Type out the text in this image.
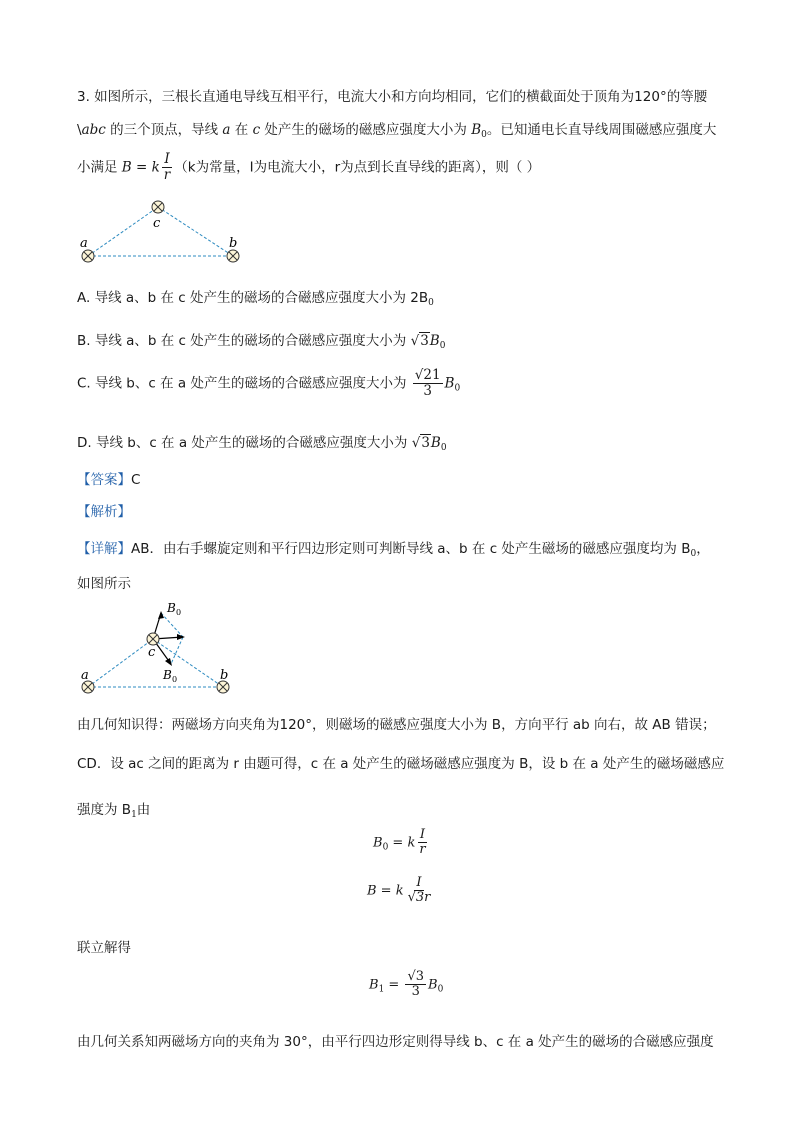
3. 如图所示，三根长直通电导线互相平行，电流大小和方向均相同，它们的横截面处于顶角为120°的等腰
\abc 的三个顶点，导线 a 在 c 处产生的磁场的磁感应强度大小为 $B_0$。已知通电长直导线周围磁感应强度大
小满足 B = k $\frac{I}{r} (k$为常量，I为电流大小，r为点到长直导线的距离），则（ ）
a
c
b
A. 导线 a、b 在 c 处产生的磁场的合磁感应强度大小为 $2B_0$
B. 导线 a、b 在 c 处产生的磁场的合磁感应强度大小为 $√3B_0$
C. 导线 b、c 在 a 处产生的磁场的合磁感应强度大小为 $\frac{√21}{3} B_0$
D. 导线 b、c 在 a 处产生的磁场的合磁感应强度大小为 $√3B_0$
【答案】C
【解析】
【详解】AB．由右手螺旋定则和平行四边形定则可判断导线 a、b 在 c 处产生磁场的磁感应强度均为 $B_0$，
如图所示
a
c
b
B 0
B 0
由几何知识得：两磁场方向夹角为120°，则磁场的磁感应强度大小为 B，方向平行 ab 向右，故 AB 错误；
CD．设 ac 之间的距离为 r 由题可得，c 在 a 处产生的磁场磁感应强度为 B，设 b 在 a 处产生的磁场磁感应
强度为 $B_1$由
$B_0 = k \frac{I}{r}$
B = k $\frac{I}{√3r}$
联立解得
$B_1 = \frac{√3}{3} B_0$
由几何关系知两磁场方向的夹角为 30°，由平行四边形定则得导线 b、c 在 a 处产生的磁场的合磁感应强度
